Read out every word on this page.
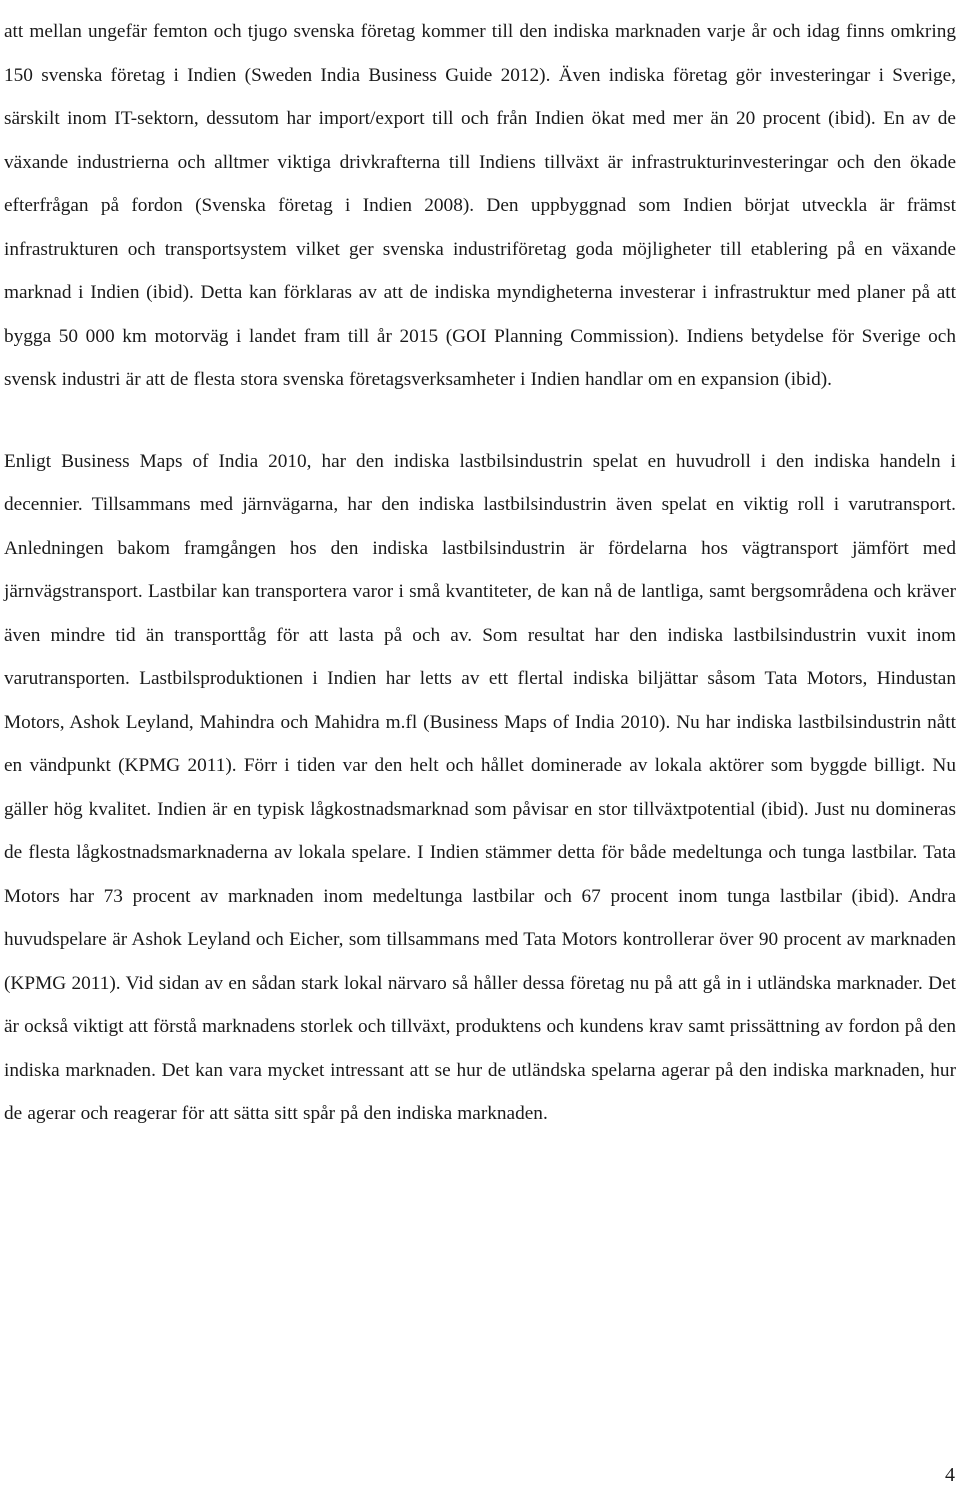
att mellan ungefär femton och tjugo svenska företag kommer till den indiska marknaden varje år och idag finns omkring 150 svenska företag i Indien (Sweden India Business Guide 2012). Även indiska företag gör investeringar i Sverige, särskilt inom IT-sektorn, dessutom har import/export till och från Indien ökat med mer än 20 procent (ibid). En av de växande industrierna och alltmer viktiga drivkrafterna till Indiens tillväxt är infrastrukturinvesteringar och den ökade efterfrågan på fordon (Svenska företag i Indien 2008). Den uppbyggnad som Indien börjat utveckla är främst infrastrukturen och transportsystem vilket ger svenska industriföretag goda möjligheter till etablering på en växande marknad i Indien (ibid). Detta kan förklaras av att de indiska myndigheterna investerar i infrastruktur med planer på att bygga 50 000 km motorväg i landet fram till år 2015 (GOI Planning Commission). Indiens betydelse för Sverige och svensk industri är att de flesta stora svenska företagsverksamheter i Indien handlar om en expansion (ibid).

Enligt Business Maps of India 2010, har den indiska lastbilsindustrin spelat en huvudroll i den indiska handeln i decennier. Tillsammans med järnvägarna, har den indiska lastbilsindustrin även spelat en viktig roll i varutransport. Anledningen bakom framgången hos den indiska lastbilsindustrin är fördelarna hos vägtransport jämfört med järnvägstransport. Lastbilar kan transportera varor i små kvantiteter, de kan nå de lantliga, samt bergsområdena och kräver även mindre tid än transporttåg för att lasta på och av. Som resultat har den indiska lastbilsindustrin vuxit inom varutransporten. Lastbilsproduktionen i Indien har letts av ett flertal indiska biljättar såsom Tata Motors, Hindustan Motors, Ashok Leyland, Mahindra och Mahidra m.fl (Business Maps of India 2010). Nu har indiska lastbilsindustrin nått en vändpunkt (KPMG 2011). Förr i tiden var den helt och hållet dominerade av lokala aktörer som byggde billigt. Nu gäller hög kvalitet. Indien är en typisk lågkostnadsmarknad som påvisar en stor tillväxtpotential (ibid). Just nu domineras de flesta lågkostnadsmarknaderna av lokala spelare. I Indien stämmer detta för både medeltunga och tunga lastbilar. Tata Motors har 73 procent av marknaden inom medeltunga lastbilar och 67 procent inom tunga lastbilar (ibid). Andra huvudspelare är Ashok Leyland och Eicher, som tillsammans med Tata Motors kontrollerar över 90 procent av marknaden (KPMG 2011). Vid sidan av en sådan stark lokal närvaro så håller dessa företag nu på att gå in i utländska marknader. Det är också viktigt att förstå marknadens storlek och tillväxt, produktens och kundens krav samt prissättning av fordon på den indiska marknaden. Det kan vara mycket intressant att se hur de utländska spelarna agerar på den indiska marknaden, hur de agerar och reagerar för att sätta sitt spår på den indiska marknaden.

4
